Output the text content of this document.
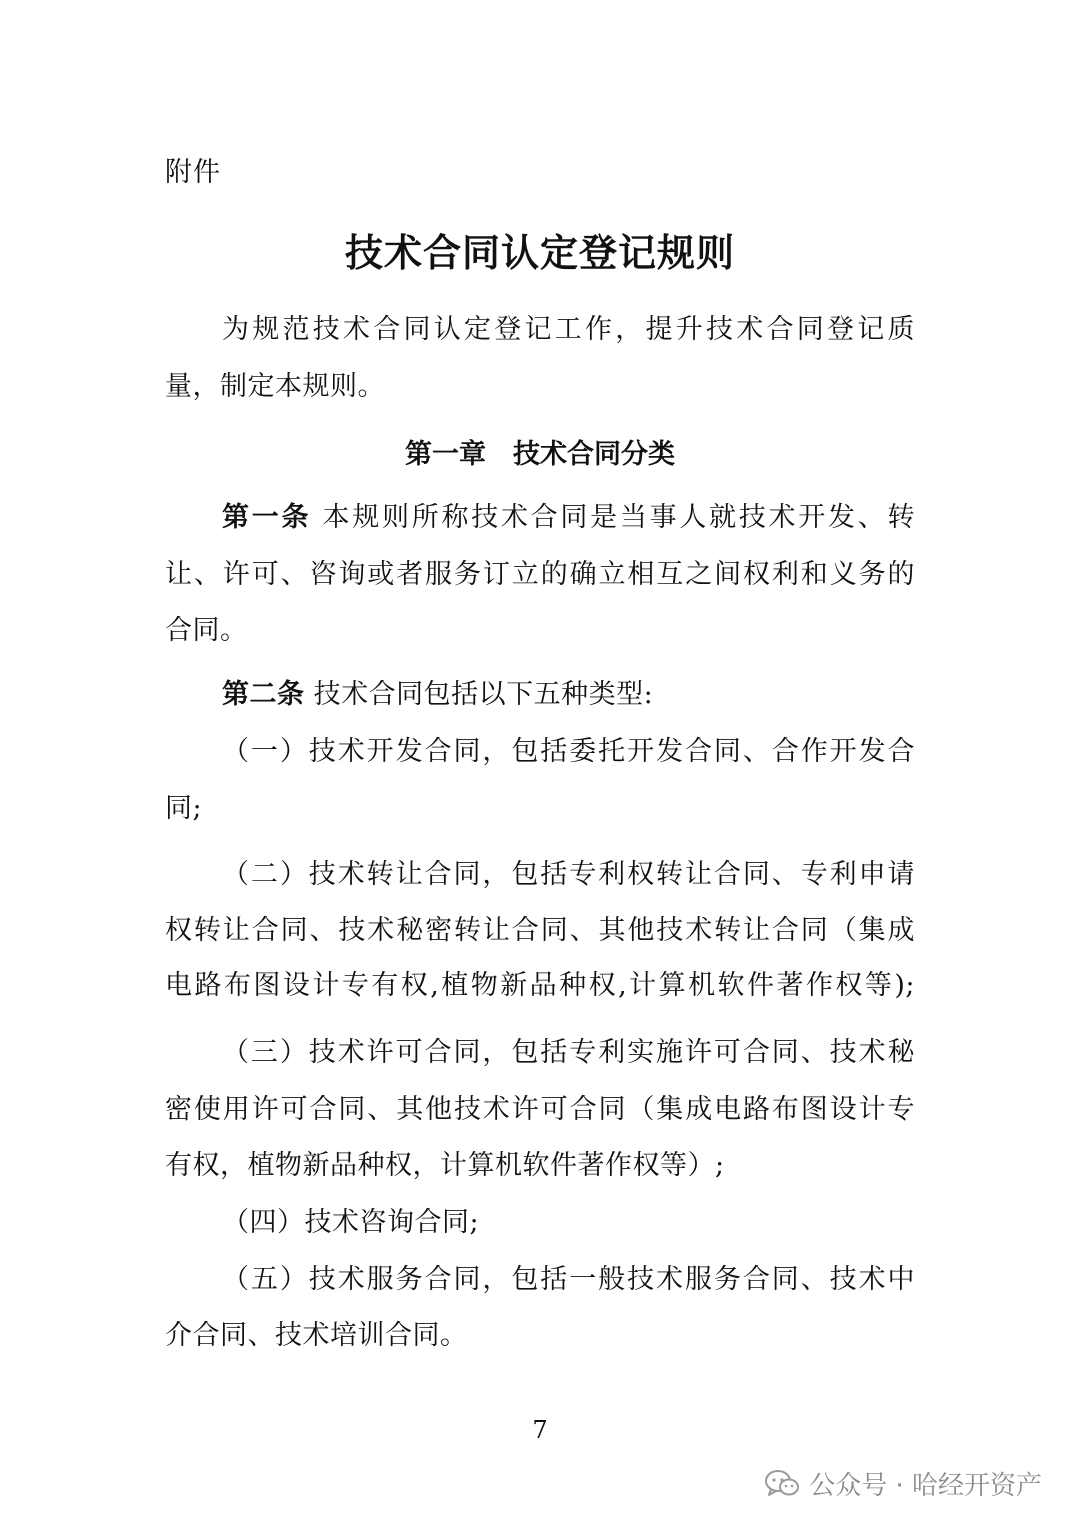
附件
技术合同认定登记规则
为规范技术合同认定登记工作，提升技术合同登记质
量，制定本规则。
第一章　技术合同分类
第一条 本规则所称技术合同是当事人就技术开发、转
让、许可、咨询或者服务订立的确立相互之间权利和义务的
合同。
第二条 技术合同包括以下五种类型:
（一）技术开发合同，包括委托开发合同、合作开发合
同;
（二）技术转让合同，包括专利权转让合同、专利申请
权转让合同、技术秘密转让合同、其他技术转让合同（集成
电路布图设计专有权,植物新品种权,计算机软件著作权等);
（三）技术许可合同，包括专利实施许可合同、技术秘
密使用许可合同、其他技术许可合同（集成电路布图设计专
有权，植物新品种权，计算机软件著作权等）;
（四）技术咨询合同;
（五）技术服务合同，包括一般技术服务合同、技术中
介合同、技术培训合同。
7
公众号 · 哈经开资产
